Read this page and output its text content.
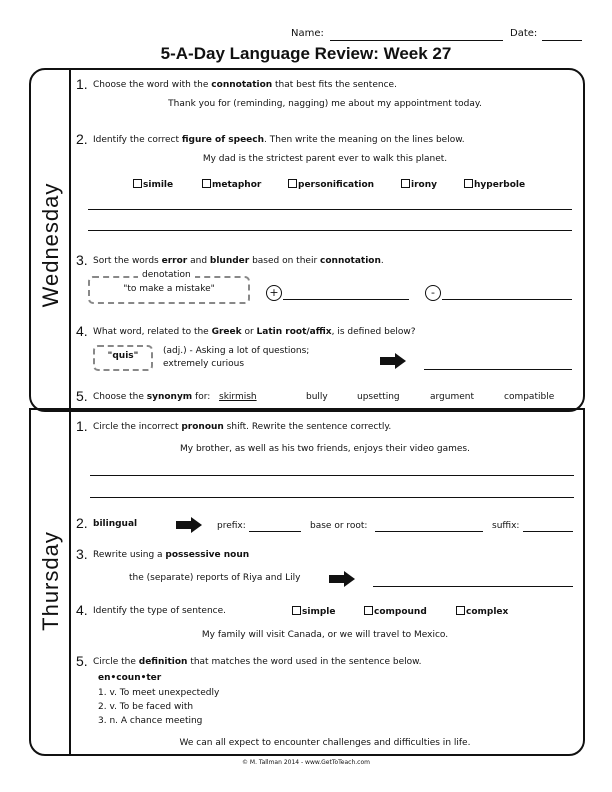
Name:	Date:
5-A-Day Language Review: Week 27
Wednesday
Thursday
1. Choose the word with the connotation that best fits the sentence.
Thank you for (reminding, nagging) me about my appointment today.
2. Identify the correct figure of speech. Then write the meaning on the lines below.
My dad is the strictest parent ever to walk this planet.
simile	metaphor	personification	irony	hyperbole
3. Sort the words error and blunder based on their connotation.
denotation
"to make a mistake"	+	-
4. What word, related to the Greek or Latin root/affix, is defined below?
"quis"	(adj.) - Asking a lot of questions;
extremely curious
5. Choose the synonym for: skirmish	bully	upsetting	argument	compatible
1. Circle the incorrect pronoun shift. Rewrite the sentence correctly.
My brother, as well as his two friends, enjoys their video games.
2. bilingual	prefix:	base or root:	suffix:
3. Rewrite using a possessive noun
the (separate) reports of Riya and Lily
4. Identify the type of sentence.	simple	compound	complex
My family will visit Canada, or we will travel to Mexico.
5. Circle the definition that matches the word used in the sentence below.
en•coun•ter
1. v. To meet unexpectedly
2. v. To be faced with
3. n. A chance meeting
We can all expect to encounter challenges and difficulties in life.
© M. Tallman 2014 - www.GetToTeach.com
